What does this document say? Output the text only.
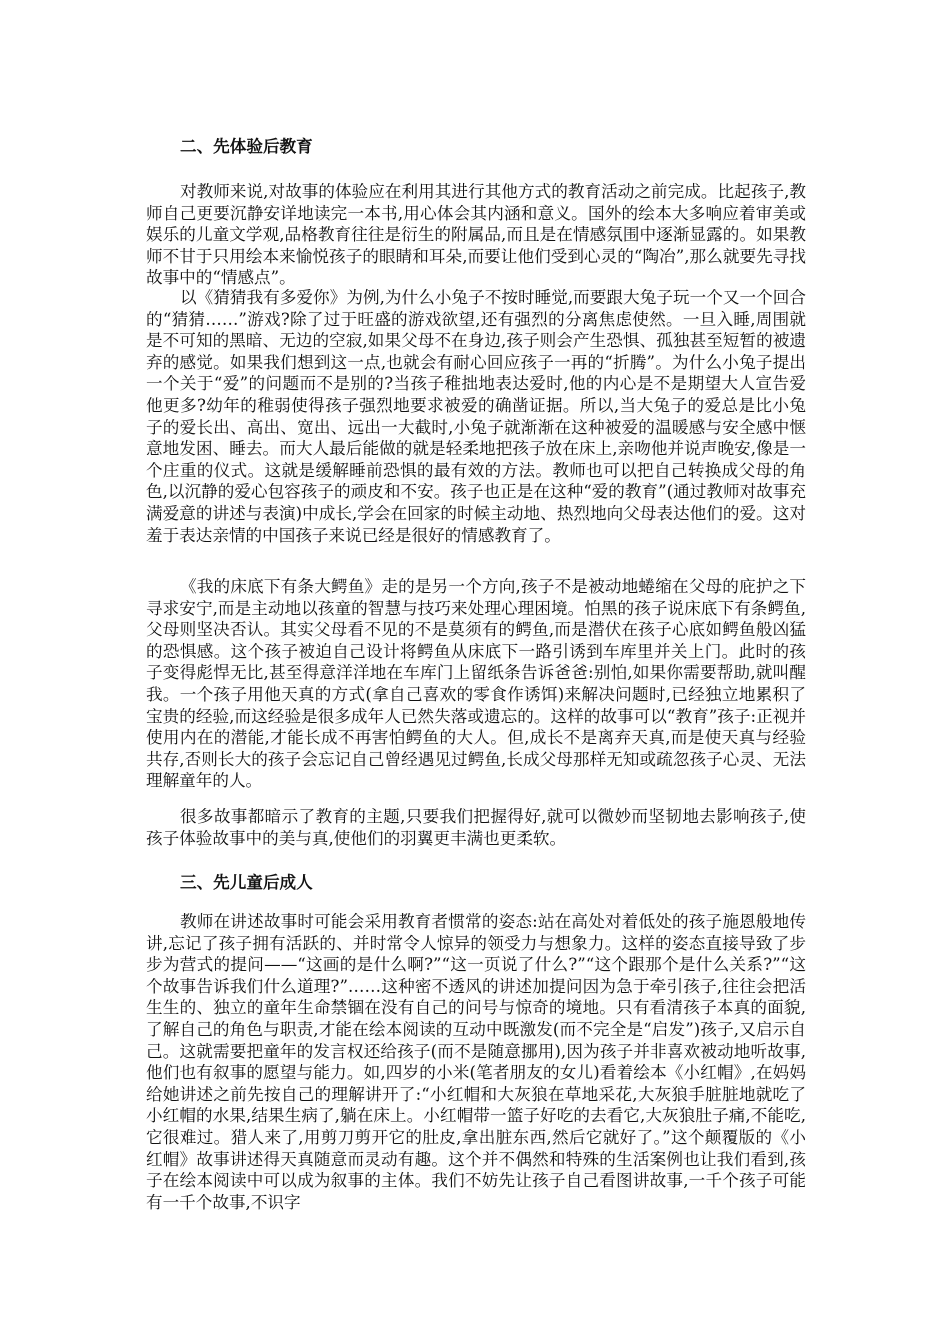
二、先体验后教育

对教师来说,对故事的体验应在利用其进行其他方式的教育活动之前完成。比起孩子,教师自己更要沉静安详地读完一本书,用心体会其内涵和意义。国外的绘本大多响应着审美或娱乐的儿童文学观,品格教育往往是衍生的附属品,而且是在情感氛围中逐渐显露的。如果教师不甘于只用绘本来愉悦孩子的眼睛和耳朵,而要让他们受到心灵的“陶冶”,那么就要先寻找故事中的“情感点”。

以《猜猜我有多爱你》为例,为什么小兔子不按时睡觉,而要跟大兔子玩一个又一个回合的“猜猜……”游戏?除了过于旺盛的游戏欲望,还有强烈的分离焦虑使然。一旦入睡,周围就是不可知的黑暗、无边的空寂,如果父母不在身边,孩子则会产生恐惧、孤独甚至短暂的被遗弃的感觉。如果我们想到这一点,也就会有耐心回应孩子一再的“折腾”。为什么小兔子提出一个关于“爱”的问题而不是别的?当孩子稚拙地表达爱时,他的内心是不是期望大人宣告爱他更多?幼年的稚弱使得孩子强烈地要求被爱的确凿证据。所以,当大兔子的爱总是比小兔子的爱长出、高出、宽出、远出一大截时,小兔子就渐渐在这种被爱的温暖感与安全感中惬意地发困、睡去。而大人最后能做的就是轻柔地把孩子放在床上,亲吻他并说声晚安,像是一个庄重的仪式。这就是缓解睡前恐惧的最有效的方法。教师也可以把自己转换成父母的角色,以沉静的爱心包容孩子的顽皮和不安。孩子也正是在这种“爱的教育”(通过教师对故事充满爱意的讲述与表演)中成长,学会在回家的时候主动地、热烈地向父母表达他们的爱。这对羞于表达亲情的中国孩子来说已经是很好的情感教育了。

《我的床底下有条大鳄鱼》走的是另一个方向,孩子不是被动地蜷缩在父母的庇护之下寻求安宁,而是主动地以孩童的智慧与技巧来处理心理困境。怕黑的孩子说床底下有条鳄鱼,父母则坚决否认。其实父母看不见的不是莫须有的鳄鱼,而是潜伏在孩子心底如鳄鱼般凶猛的恐惧感。这个孩子被迫自己设计将鳄鱼从床底下一路引诱到车库里并关上门。此时的孩子变得彪悍无比,甚至得意洋洋地在车库门上留纸条告诉爸爸:别怕,如果你需要帮助,就叫醒我。一个孩子用他天真的方式(拿自己喜欢的零食作诱饵)来解决问题时,已经独立地累积了宝贵的经验,而这经验是很多成年人已然失落或遗忘的。这样的故事可以“教育”孩子:正视并使用内在的潜能,才能长成不再害怕鳄鱼的大人。但,成长不是离弃天真,而是使天真与经验共存,否则长大的孩子会忘记自己曾经遇见过鳄鱼,长成父母那样无知或疏忽孩子心灵、无法理解童年的人。

很多故事都暗示了教育的主题,只要我们把握得好,就可以微妙而坚韧地去影响孩子,使孩子体验故事中的美与真,使他们的羽翼更丰满也更柔软。

三、先儿童后成人

教师在讲述故事时可能会采用教育者惯常的姿态:站在高处对着低处的孩子施恩般地传讲,忘记了孩子拥有活跃的、并时常令人惊异的领受力与想象力。这样的姿态直接导致了步步为营式的提问——“这画的是什么啊?”“这一页说了什么?”“这个跟那个是什么关系?”“这个故事告诉我们什么道理?”……这种密不透风的讲述加提问因为急于牵引孩子,往往会把活生生的、独立的童年生命禁锢在没有自己的问号与惊奇的境地。只有看清孩子本真的面貌,了解自己的角色与职责,才能在绘本阅读的互动中既激发(而不完全是“启发”)孩子,又启示自己。这就需要把童年的发言权还给孩子(而不是随意挪用),因为孩子并非喜欢被动地听故事,他们也有叙事的愿望与能力。如,四岁的小米(笔者朋友的女儿)看着绘本《小红帽》,在妈妈给她讲述之前先按自己的理解讲开了:“小红帽和大灰狼在草地采花,大灰狼手脏脏地就吃了小红帽的水果,结果生病了,躺在床上。小红帽带一篮子好吃的去看它,大灰狼肚子痛,不能吃,它很难过。猎人来了,用剪刀剪开它的肚皮,拿出脏东西,然后它就好了。”这个颠覆版的《小红帽》故事讲述得天真随意而灵动有趣。这个并不偶然和特殊的生活案例也让我们看到,孩子在绘本阅读中可以成为叙事的主体。我们不妨先让孩子自己看图讲故事,一千个孩子可能有一千个故事,不识字
